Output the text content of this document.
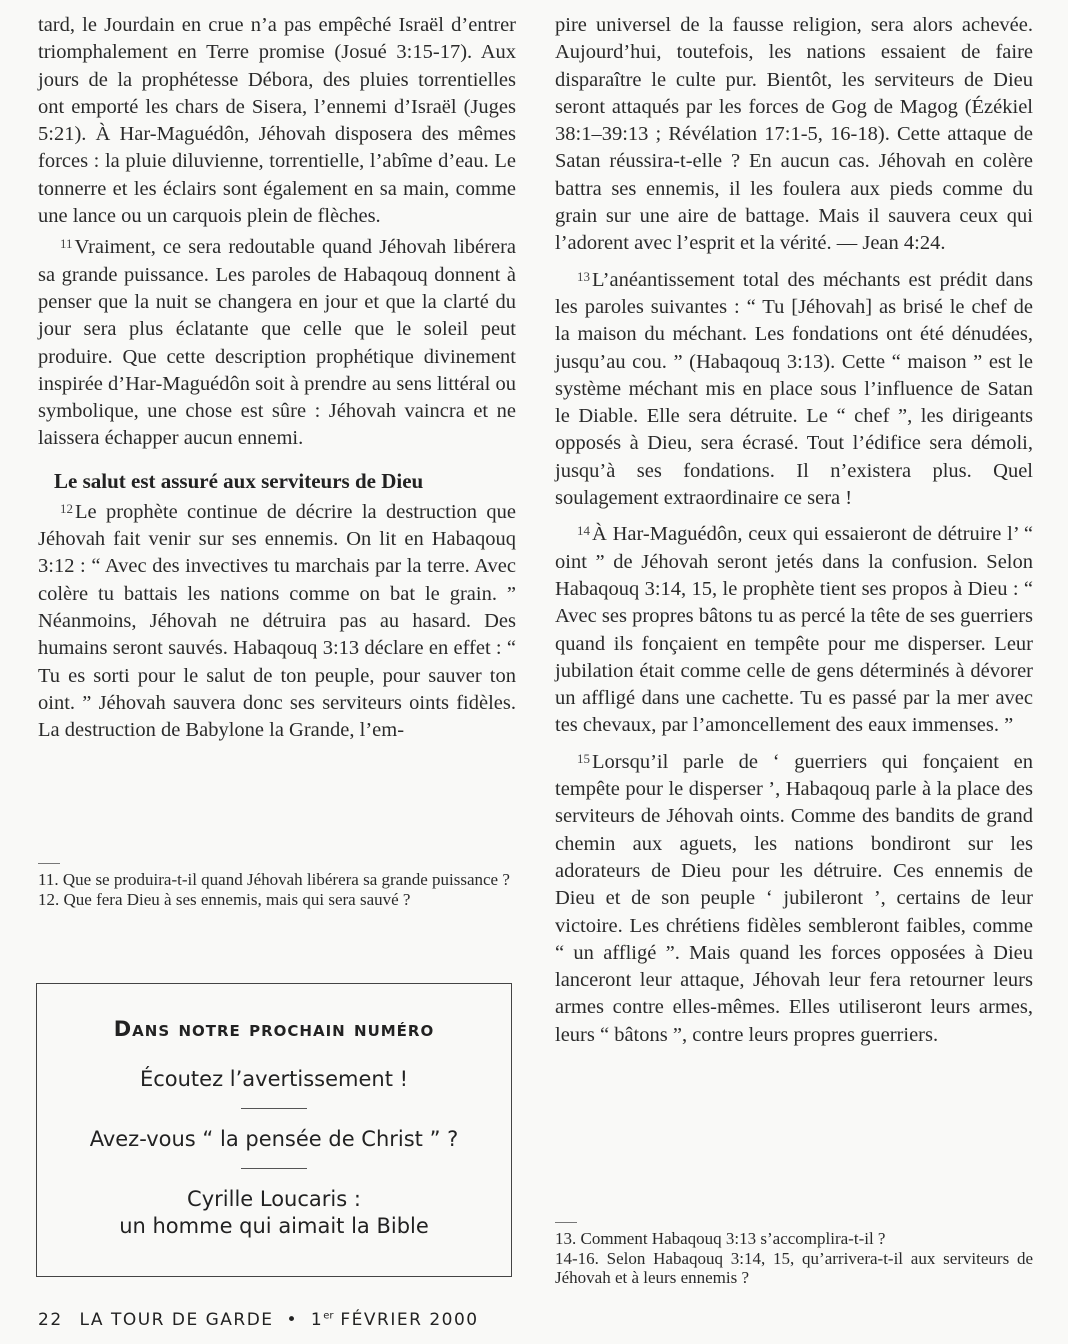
tard, le Jourdain en crue n’a pas empêché Israël d’entrer triomphalement en Terre promise (Josué 3:15-17). Aux jours de la prophétesse Débora, des pluies torrentielles ont emporté les chars de Sisera, l’ennemi d’Israël (Juges 5:21). À Har-Maguédôn, Jéhovah disposera des mêmes forces : la pluie diluvienne, torrentielle, l’abîme d’eau. Le tonnerre et les éclairs sont également en sa main, comme une lance ou un carquois plein de flèches.

$^{11}$Vraiment, ce sera redoutable quand Jéhovah libérera sa grande puissance. Les paroles de Habaqouq donnent à penser que la nuit se changera en jour et que la clarté du jour sera plus éclatante que celle que le soleil peut produire. Que cette description prophétique divinement inspirée d’Har-Maguédôn soit à prendre au sens littéral ou symbolique, une chose est sûre : Jéhovah vaincra et ne laissera échapper aucun ennemi.

Le salut est assuré aux serviteurs de Dieu

$^{12}$Le prophète continue de décrire la destruction que Jéhovah fait venir sur ses ennemis. On lit en Habaqouq 3:12 : “ Avec des invectives tu marchais par la terre. Avec colère tu battais les nations comme on bat le grain. ” Néanmoins, Jéhovah ne détruira pas au hasard. Des humains seront sauvés. Habaqouq 3:13 déclare en effet : “ Tu es sorti pour le salut de ton peuple, pour sauver ton oint. ” Jéhovah sauvera donc ses serviteurs oints fidèles. La destruction de Babylone la Grande, l’em-

11. Que se produira-t-il quand Jéhovah libérera sa grande puissance ?

12. Que fera Dieu à ses ennemis, mais qui sera sauvé ?

Dans notre prochain numéro
Écoutez l’avertissement !
Avez-vous “ la pensée de Christ ” ?
Cyrille Loucaris :
un homme qui aimait la Bible

pire universel de la fausse religion, sera alors achevée. Aujourd’hui, toutefois, les nations essaient de faire disparaître le culte pur. Bientôt, les serviteurs de Dieu seront attaqués par les forces de Gog de Magog (Ézékiel 38:1–39:13 ; Révélation 17:1-5, 16-18). Cette attaque de Satan réussira-t-elle ? En aucun cas. Jéhovah en colère battra ses ennemis, il les foulera aux pieds comme du grain sur une aire de battage. Mais il sauvera ceux qui l’adorent avec l’esprit et la vérité. — Jean 4:24.

$^{13}$L’anéantissement total des méchants est prédit dans les paroles suivantes : “ Tu [Jéhovah] as brisé le chef de la maison du méchant. Les fondations ont été dénudées, jusqu’au cou. ” (Habaqouq 3:13). Cette “ maison ” est le système méchant mis en place sous l’influence de Satan le Diable. Elle sera détruite. Le “ chef ”, les dirigeants opposés à Dieu, sera écrasé. Tout l’édifice sera démoli, jusqu’à ses fondations. Il n’existera plus. Quel soulagement extraordinaire ce sera !

$^{14}$À Har-Maguédôn, ceux qui essaieront de détruire l’ “ oint ” de Jéhovah seront jetés dans la confusion. Selon Habaqouq 3:14, 15, le prophète tient ses propos à Dieu : “ Avec ses propres bâtons tu as percé la tête de ses guerriers quand ils fonçaient en tempête pour me disperser. Leur jubilation était comme celle de gens déterminés à dévorer un affligé dans une cachette. Tu es passé par la mer avec tes chevaux, par l’amoncellement des eaux immenses. ”

$^{15}$Lorsqu’il parle de ‘ guerriers qui fonçaient en tempête pour le disperser ’, Habaqouq parle à la place des serviteurs de Jéhovah oints. Comme des bandits de grand chemin aux aguets, les nations bondiront sur les adorateurs de Dieu pour les détruire. Ces ennemis de Dieu et de son peuple ‘ jubileront ’, certains de leur victoire. Les chrétiens fidèles sembleront faibles, comme “ un affligé ”. Mais quand les forces opposées à Dieu lanceront leur attaque, Jéhovah leur fera retourner leurs armes contre elles-mêmes. Elles utiliseront leurs armes, leurs “ bâtons ”, contre leurs propres guerriers.

13. Comment Habaqouq 3:13 s’accomplira-t-il ?

14-16. Selon Habaqouq 3:14, 15, qu’arrivera-t-il aux serviteurs de Jéhovah et à leurs ennemis ?

22 LA TOUR DE GARDE • 1er FÉVRIER 2000
